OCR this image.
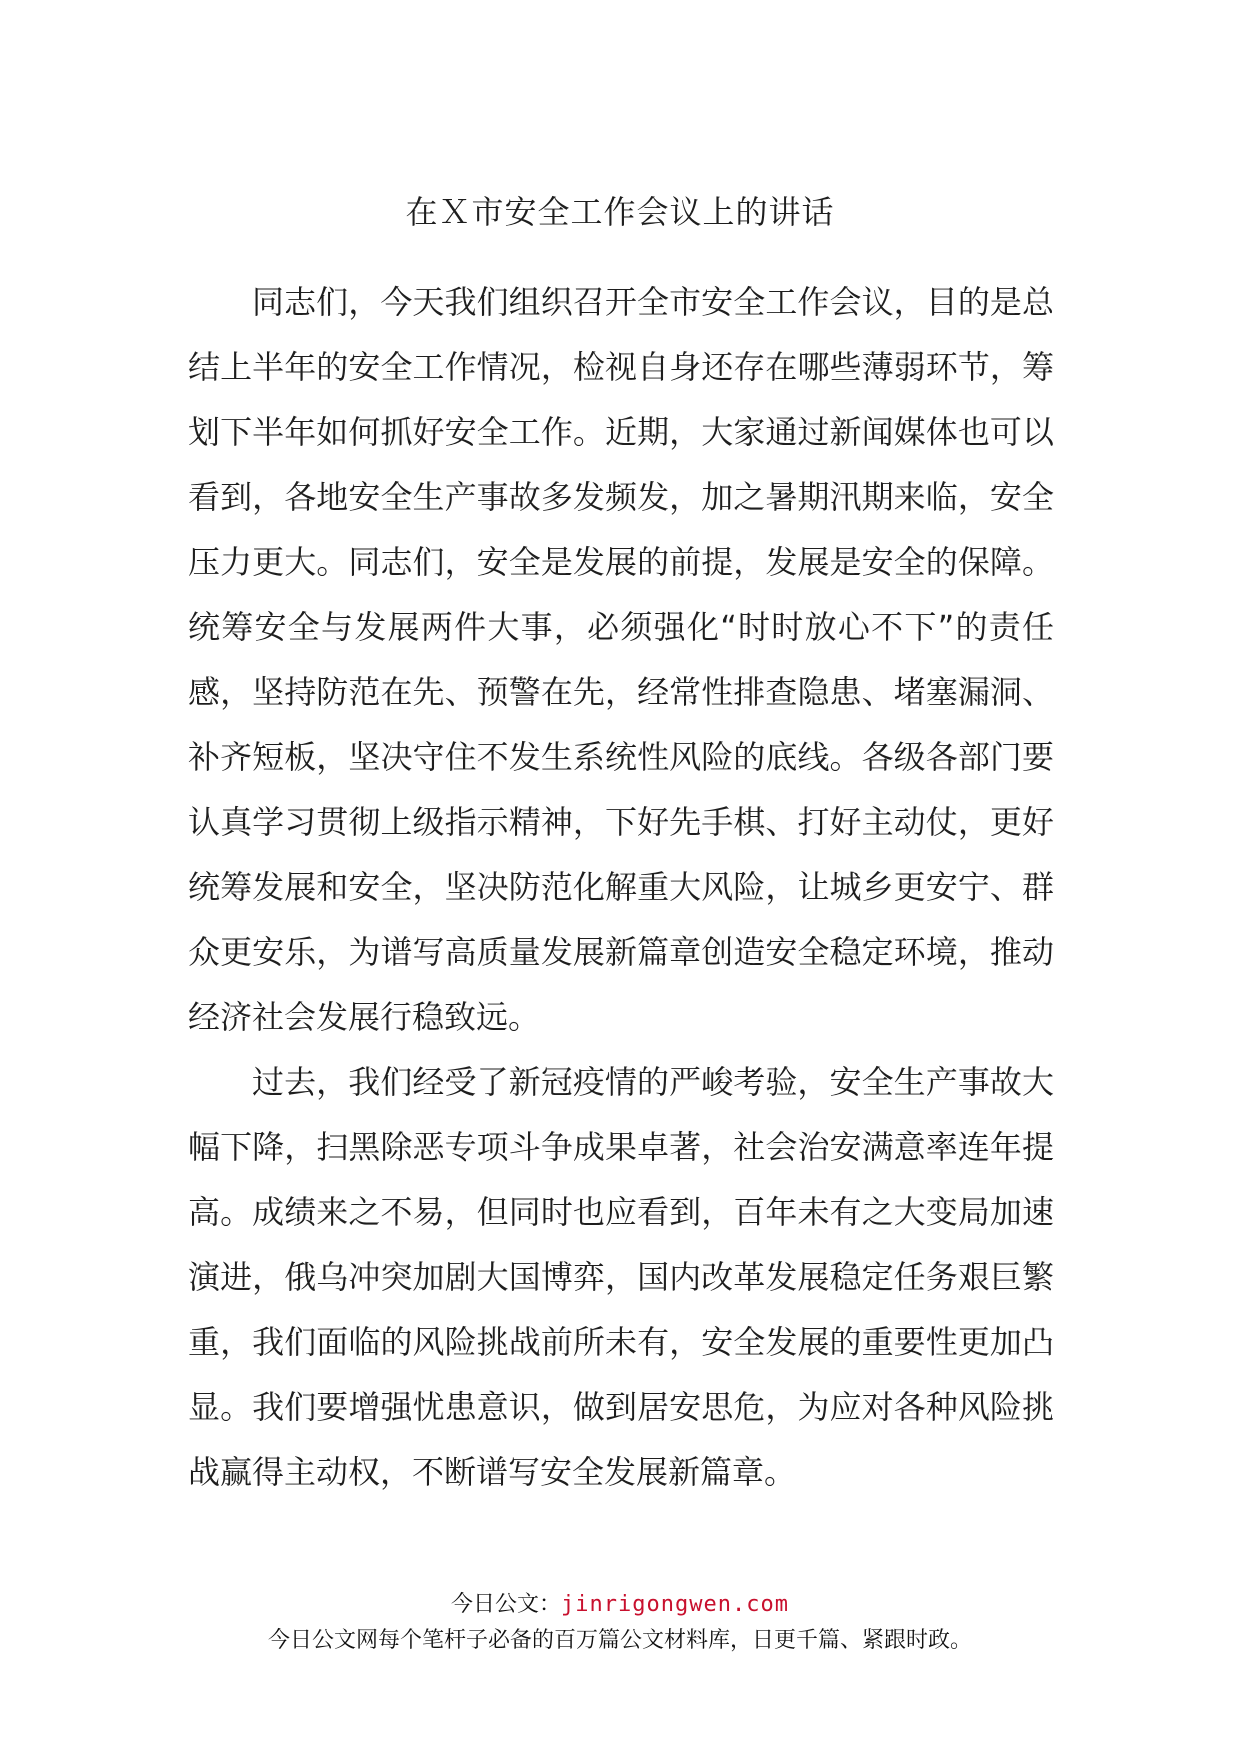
在Ｘ市安全工作会议上的讲话

同志们，今天我们组织召开全市安全工作会议，目的是总结上半年的安全工作情况，检视自身还存在哪些薄弱环节，筹划下半年如何抓好安全工作。近期，大家通过新闻媒体也可以看到，各地安全生产事故多发频发，加之暑期汛期来临，安全压力更大。同志们，安全是发展的前提，发展是安全的保障。统筹安全与发展两件大事，必须强化“时时放心不下”的责任感，坚持防范在先、预警在先，经常性排查隐患、堵塞漏洞、补齐短板，坚决守住不发生系统性风险的底线。各级各部门要认真学习贯彻上级指示精神，下好先手棋、打好主动仗，更好统筹发展和安全，坚决防范化解重大风险，让城乡更安宁、群众更安乐，为谱写高质量发展新篇章创造安全稳定环境，推动经济社会发展行稳致远。

过去，我们经受了新冠疫情的严峻考验，安全生产事故大幅下降，扫黑除恶专项斗争成果卓著，社会治安满意率连年提高。成绩来之不易，但同时也应看到，百年未有之大变局加速演进，俄乌冲突加剧大国博弈，国内改革发展稳定任务艰巨繁重，我们面临的风险挑战前所未有，安全发展的重要性更加凸显。我们要增强忧患意识，做到居安思危，为应对各种风险挑战赢得主动权，不断谱写安全发展新篇章。

今日公文：jinrigongwen.com
今日公文网每个笔杆子必备的百万篇公文材料库，日更千篇、紧跟时政。
